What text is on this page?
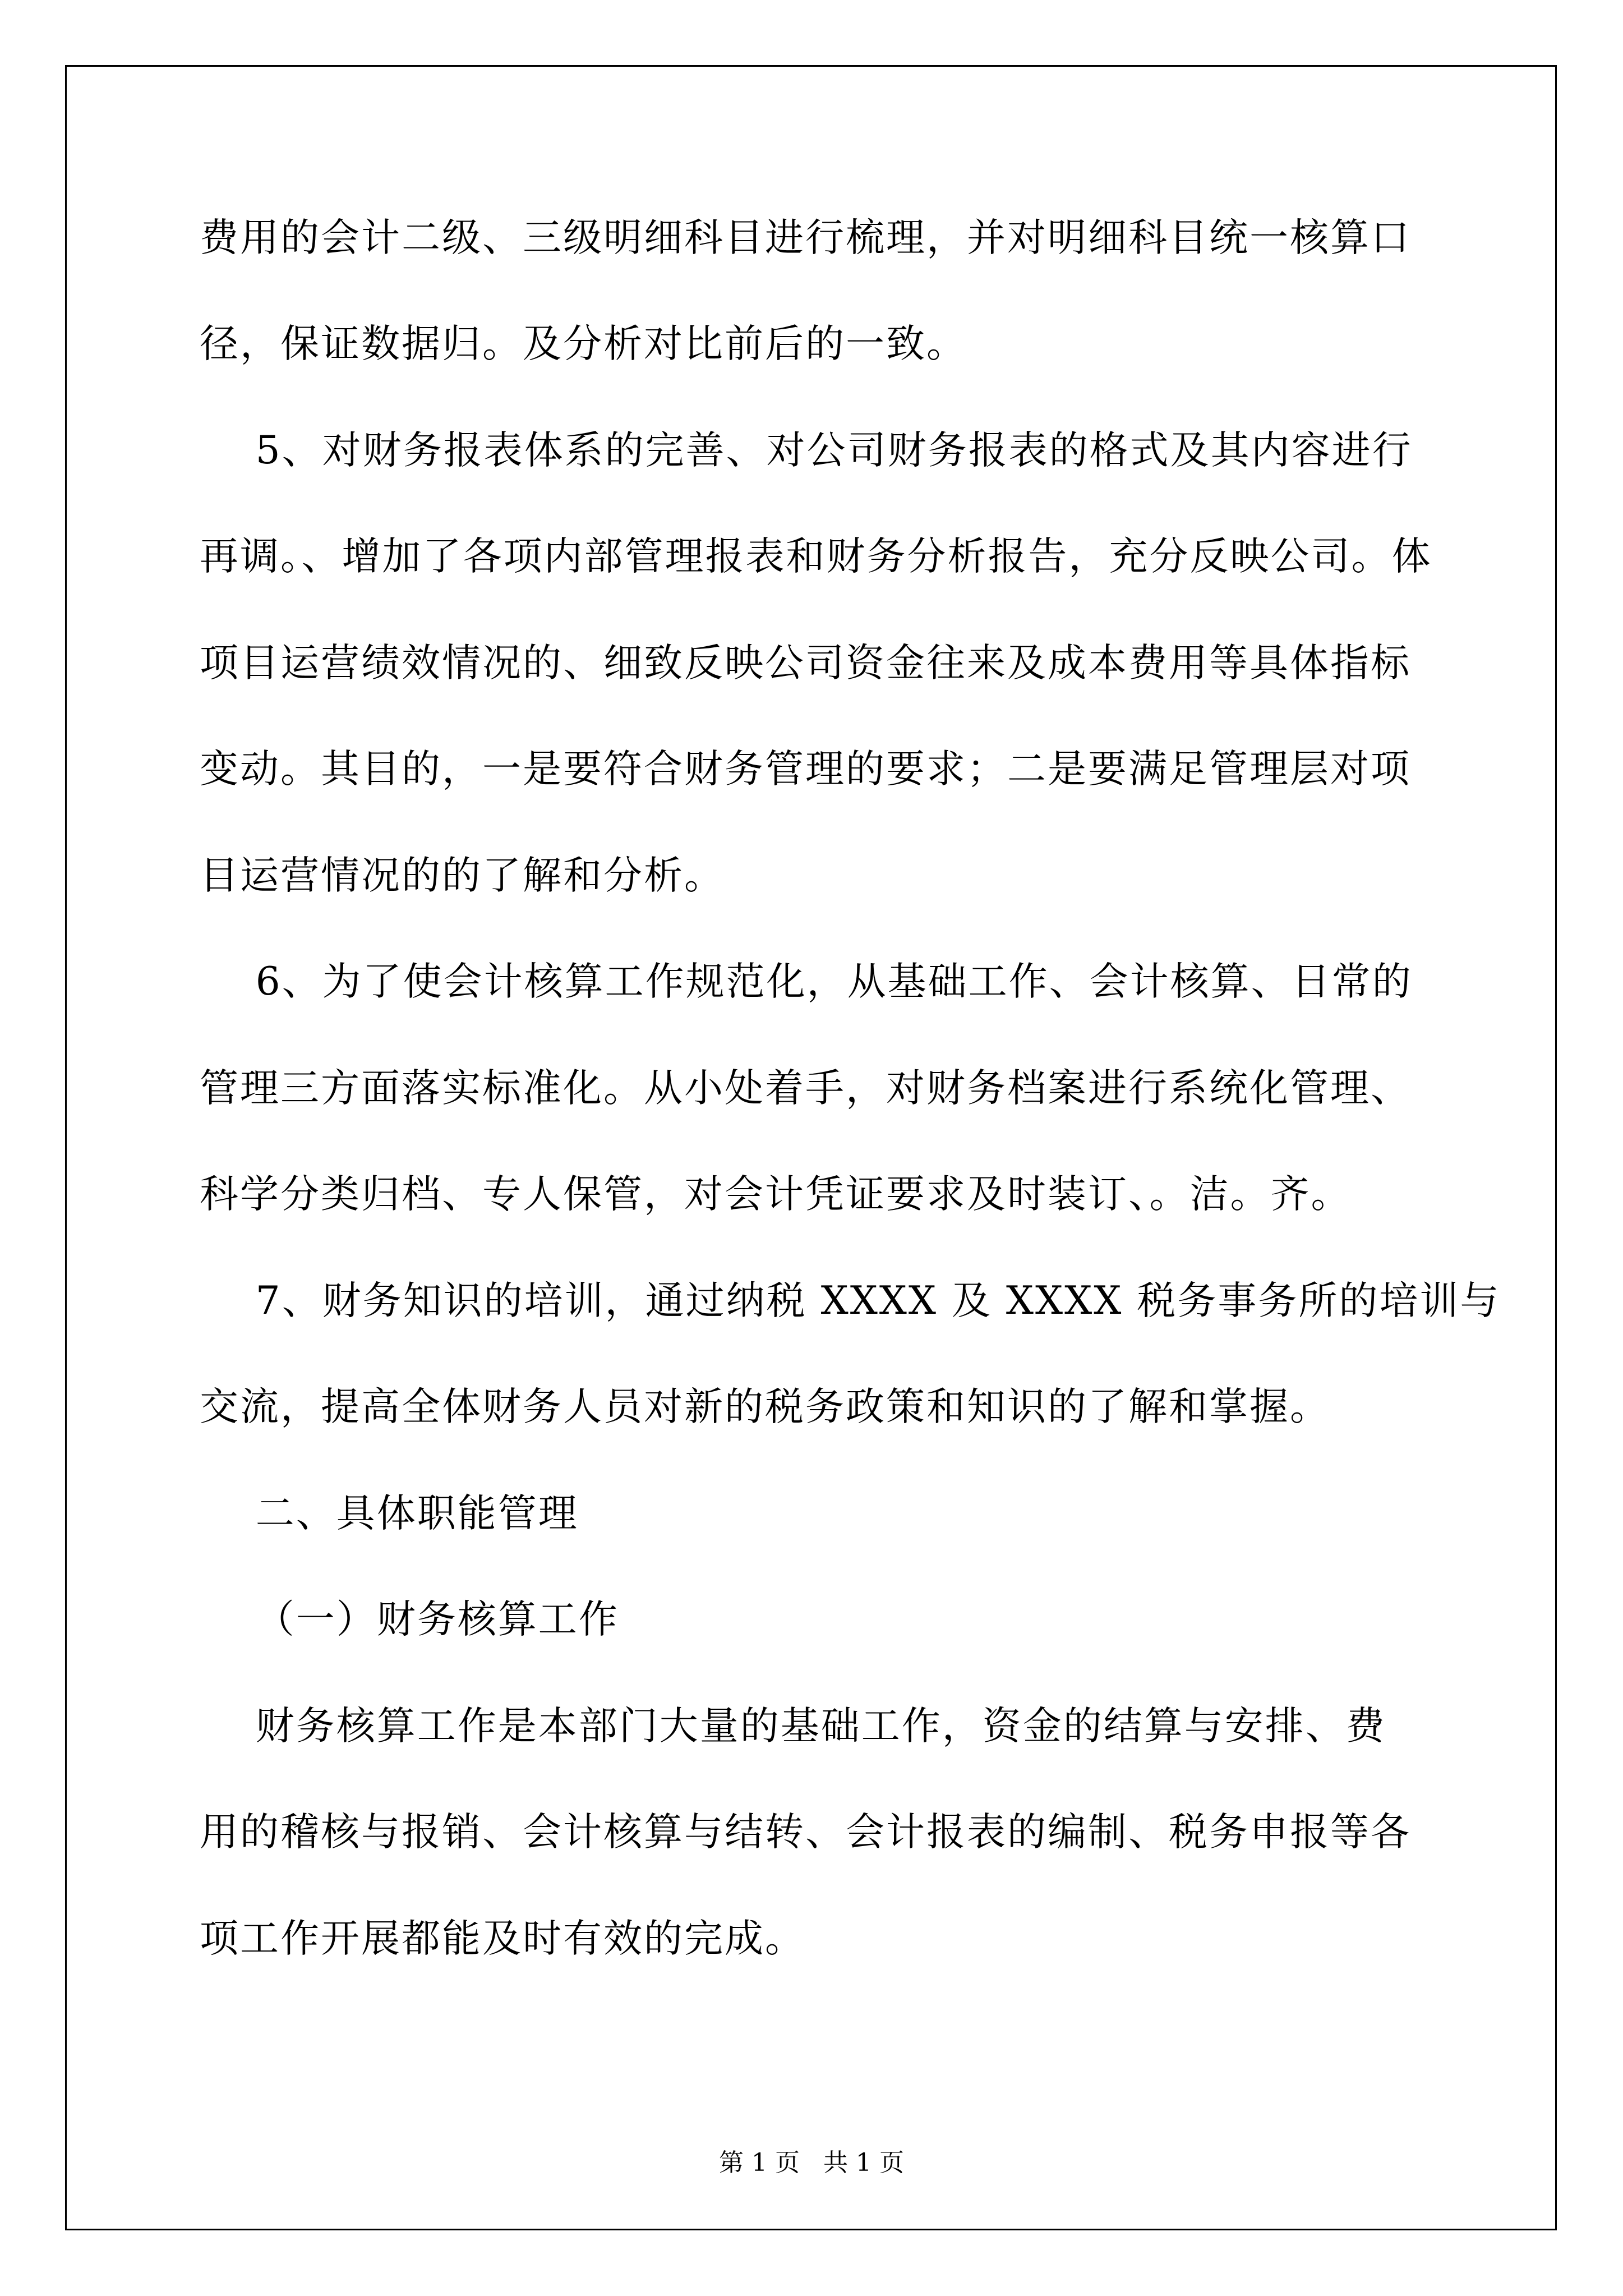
费用的会计二级、三级明细科目进行梳理，并对明细科目统一核算口

径，保证数据归。及分析对比前后的一致。

5、对财务报表体系的完善、对公司财务报表的格式及其内容进行

再调。、增加了各项内部管理报表和财务分析报告，充分反映公司。体

项目运营绩效情况的、细致反映公司资金往来及成本费用等具体指标

变动。其目的，一是要符合财务管理的要求；二是要满足管理层对项

目运营情况的的了解和分析。

6、为了使会计核算工作规范化，从基础工作、会计核算、日常的

管理三方面落实标准化。从小处着手，对财务档案进行系统化管理、

科学分类归档、专人保管，对会计凭证要求及时装订、。洁。齐。

7、财务知识的培训，通过纳税 XXXX 及 XXXX 税务事务所的培训与

交流，提高全体财务人员对新的税务政策和知识的了解和掌握。

二、具体职能管理

（一）财务核算工作

财务核算工作是本部门大量的基础工作，资金的结算与安排、费

用的稽核与报销、会计核算与结转、会计报表的编制、税务申报等各

项工作开展都能及时有效的完成。

第 1 页   共 1 页
